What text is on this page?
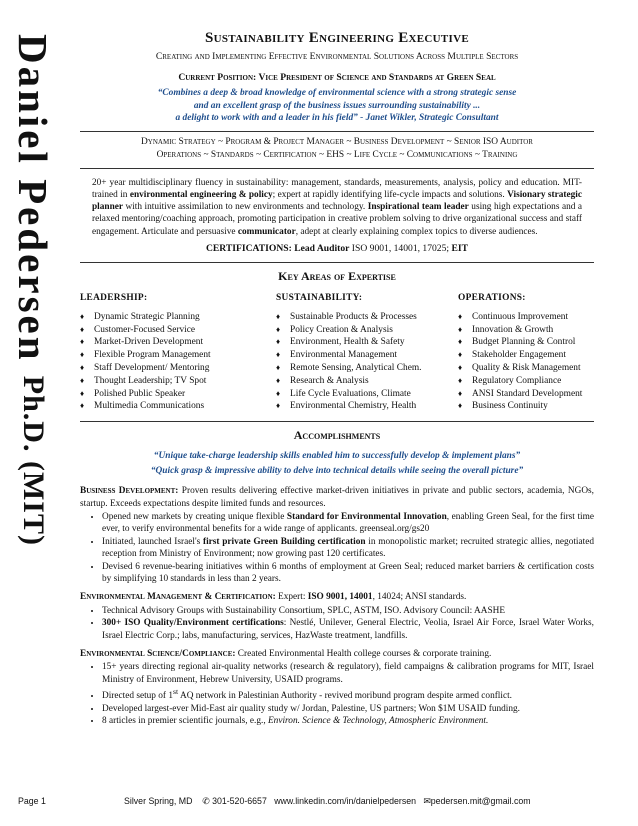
Daniel Pedersen Ph.D. (MIT)
Sustainability Engineering Executive
Creating and Implementing Effective Environmental Solutions Across Multiple Sectors
Current Position: Vice President of Science and Standards at Green Seal
“Combines a deep & broad knowledge of environmental science with a strong strategic sense
and an excellent grasp of the business issues surrounding sustainability ...
a delight to work with and a leader in his field” - Janet Wikler, Strategic Consultant
Dynamic Strategy ~ Program & Project Manager ~ Business Development ~ Senior ISO Auditor
Operations ~ Standards ~ Certification ~ EHS ~ Life Cycle ~ Communications ~ Training
20+ year multidisciplinary fluency in sustainability: management, standards, measurements, analysis, policy and education. MIT-trained in environmental engineering & policy; expert at rapidly identifying life-cycle impacts and solutions. Visionary strategic planner with intuitive assimilation to new environments and technology. Inspirational team leader using high expectations and a relaxed mentoring/coaching approach, promoting participation in creative problem solving to drive organizational success and staff engagement. Articulate and persuasive communicator, adept at clearly explaining complex topics to diverse audiences.
CERTIFICATIONS: Lead Auditor ISO 9001, 14001, 17025; EIT
Key Areas of Expertise
LEADERSHIP:
♦ Dynamic Strategic Planning
♦ Customer-Focused Service
♦ Market-Driven Development
♦ Flexible Program Management
♦ Staff Development/ Mentoring
♦ Thought Leadership; TV Spot
♦ Polished Public Speaker
♦ Multimedia Communications
SUSTAINABILITY:
♦ Sustainable Products & Processes
♦ Policy Creation & Analysis
♦ Environment, Health & Safety
♦ Environmental Management
♦ Remote Sensing, Analytical Chem.
♦ Research & Analysis
♦ Life Cycle Evaluations, Climate
♦ Environmental Chemistry, Health
OPERATIONS:
♦ Continuous Improvement
♦ Innovation & Growth
♦ Budget Planning & Control
♦ Stakeholder Engagement
♦ Quality & Risk Management
♦ Regulatory Compliance
♦ ANSI Standard Development
♦ Business Continuity
Accomplishments
“Unique take-charge leadership skills enabled him to successfully develop & implement plans”
“Quick grasp & impressive ability to delve into technical details while seeing the overall picture”
Business Development: Proven results delivering effective market-driven initiatives in private and public sectors, academia, NGOs, startup. Exceeds expectations despite limited funds and resources.
• Opened new markets by creating unique flexible Standard for Environmental Innovation, enabling Green Seal, for the first time ever, to verify environmental benefits for a wide range of applicants. greenseal.org/gs20
• Initiated, launched Israel's first private Green Building certification in monopolistic market; recruited strategic allies, negotiated reception from Ministry of Environment; now growing past 120 certificates.
• Devised 6 revenue-bearing initiatives within 6 months of employment at Green Seal; reduced market barriers & certification costs by simplifying 10 standards in less than 2 years.
Environmental Management & Certification: Expert: ISO 9001, 14001, 14024; ANSI standards.
• Technical Advisory Groups with Sustainability Consortium, SPLC, ASTM, ISO. Advisory Council: AASHE
• 300+ ISO Quality/Environment certifications: Nestlé, Unilever, General Electric, Veolia, Israel Air Force, Israel Water Works, Israel Electric Corp.; labs, manufacturing, services, HazWaste treatment, landfills.
Environmental Science/Compliance: Created Environmental Health college courses & corporate training.
• 15+ years directing regional air-quality networks (research & regulatory), field campaigns & calibration programs for MIT, Israel Ministry of Environment, Hebrew University, USAID programs.
• Directed setup of 1st AQ network in Palestinian Authority - revived moribund program despite armed conflict.
• Developed largest-ever Mid-East air quality study w/ Jordan, Palestine, US partners; Won $1M USAID funding.
• 8 articles in premier scientific journals, e.g., Environ. Science & Technology, Atmospheric Environment.
Page 1	Silver Spring, MD ✆ 301-520-6657 www.linkedin.com/in/danielpedersen ✉pedersen.mit@gmail.com
